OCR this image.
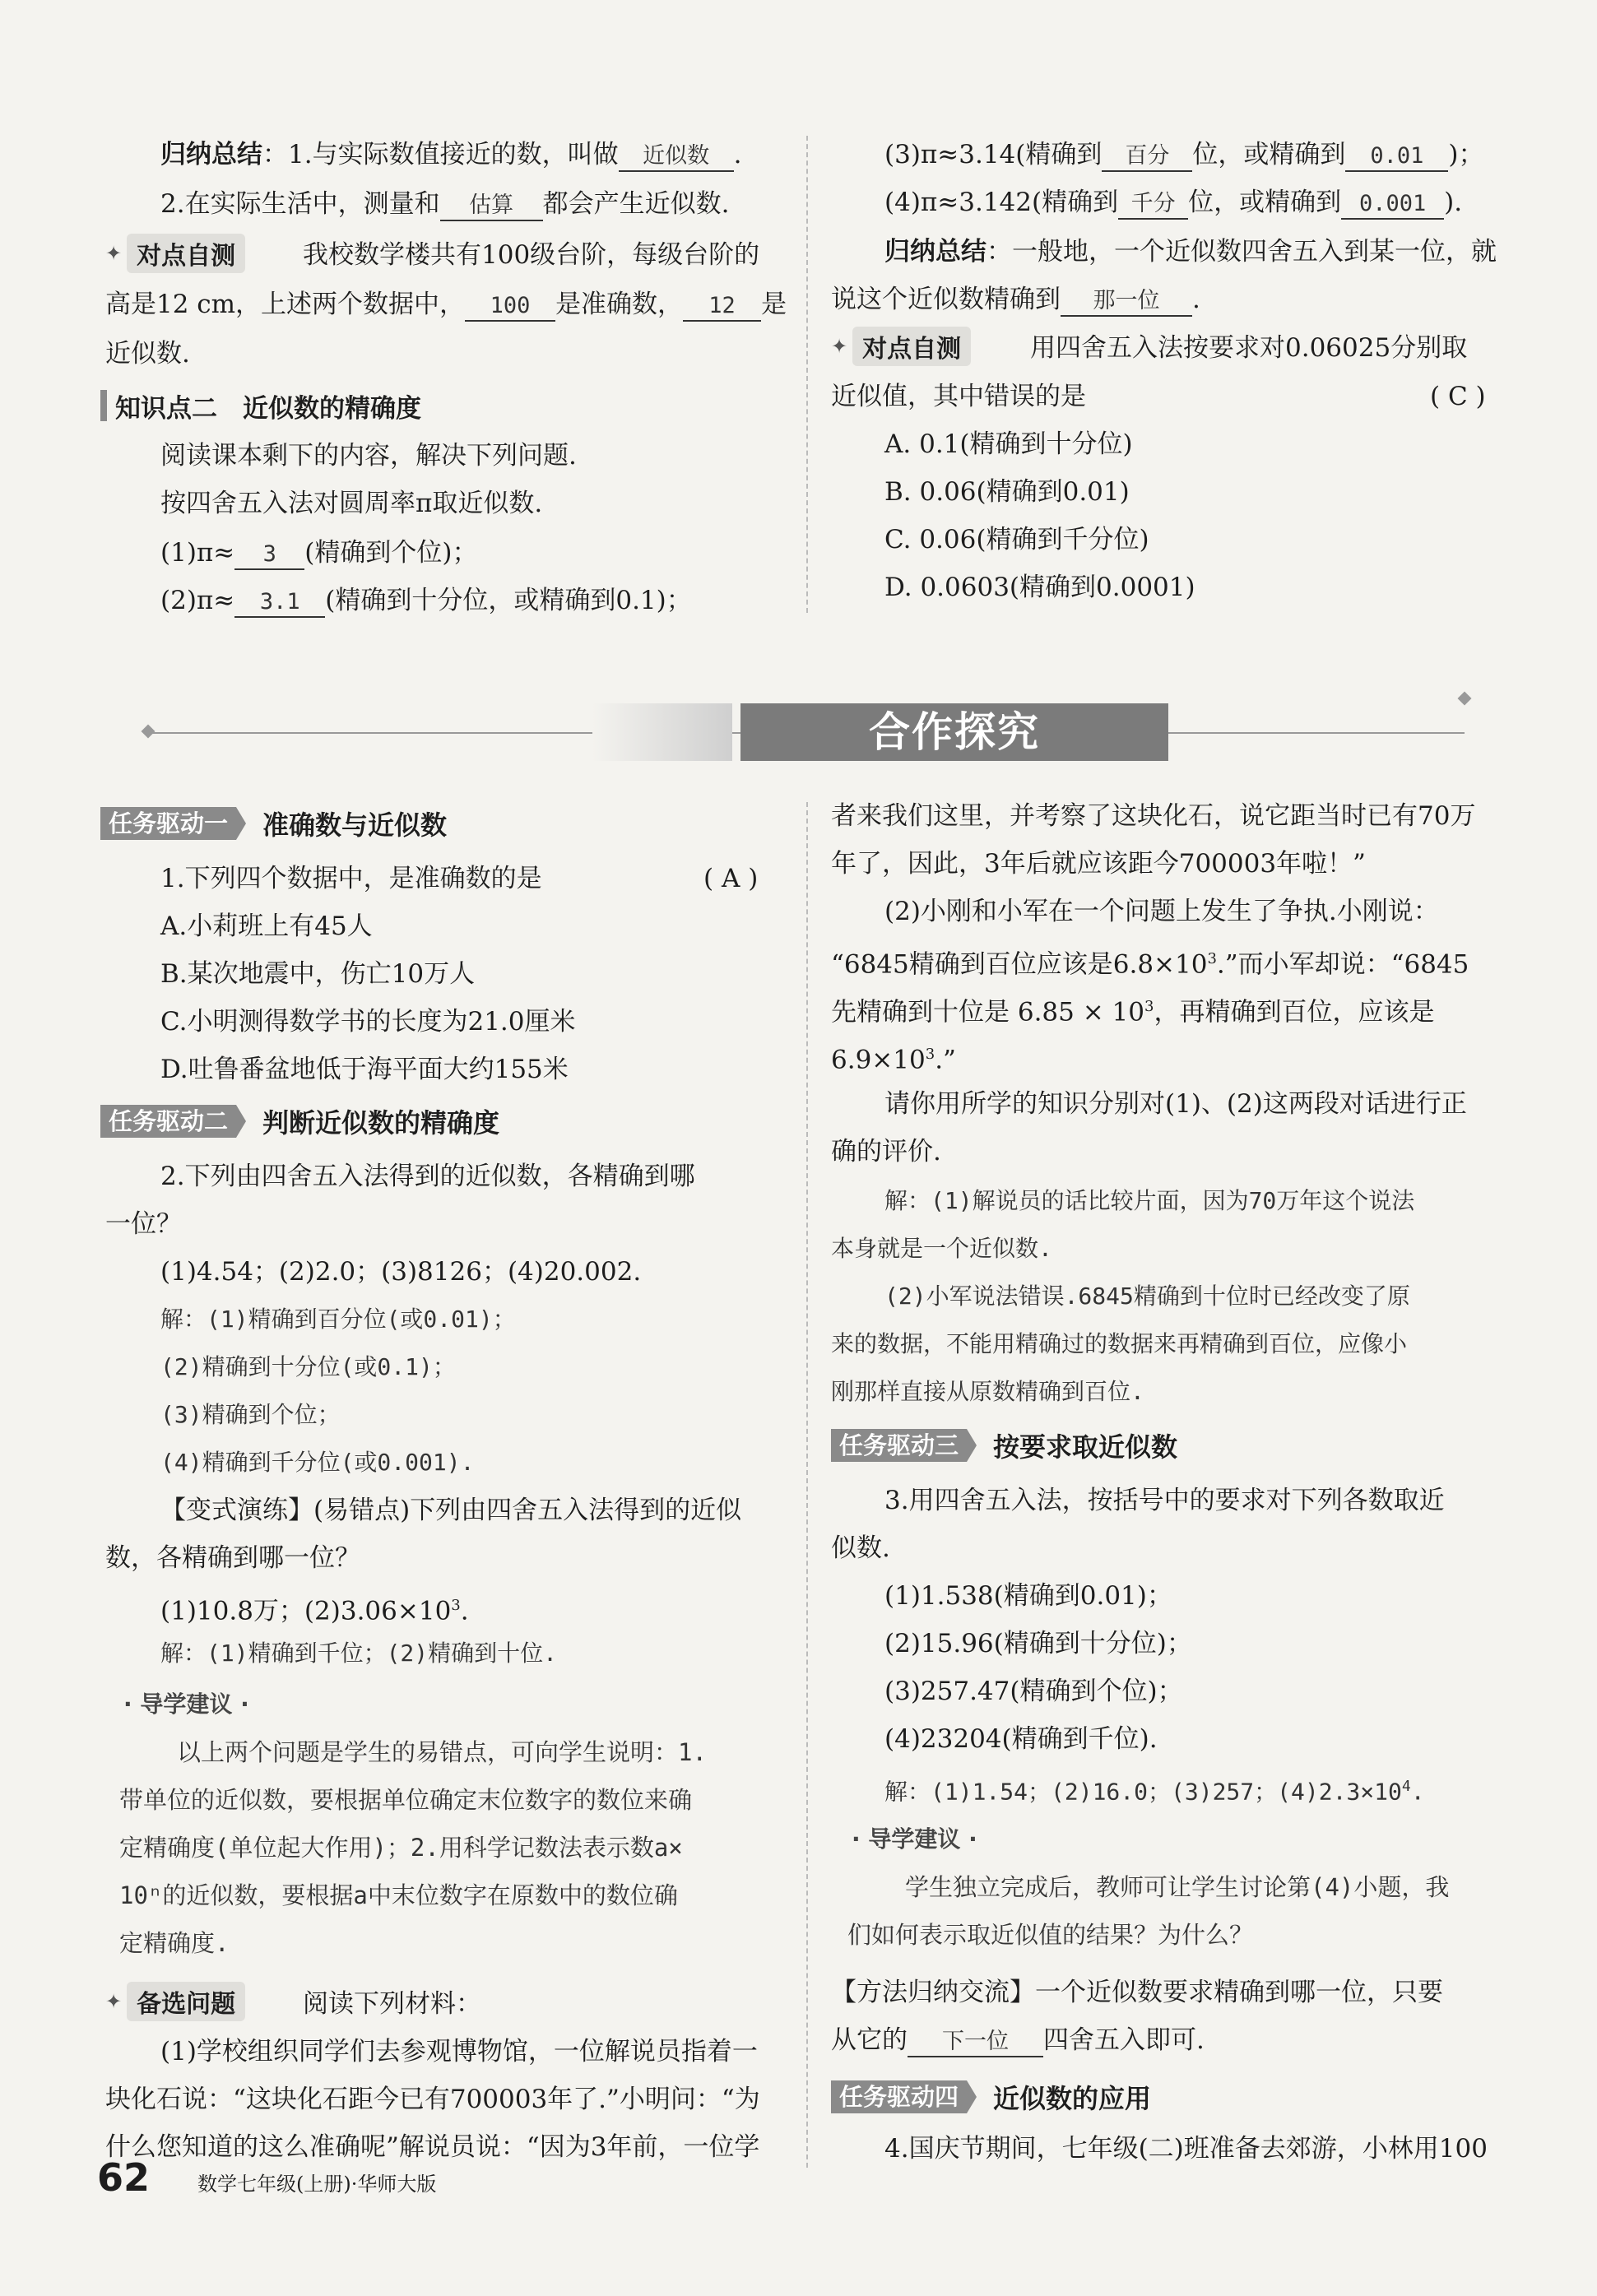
归纳总结：1.与实际数值接近的数，叫做 近似数 .
2.在实际生活中，测量和 估算 都会产生近似数.
✦ 对点自测	我校数学楼共有100级台阶，每级台阶的
高是12 cm，上述两个数据中， 100 是准确数， 12 是
近似数.
知识点二　近似数的精确度
阅读课本剩下的内容，解决下列问题.
按四舍五入法对圆周率π取近似数.
(1)π≈ 3 (精确到个位)；
(2)π≈ 3.1 (精确到十分位，或精确到0.1)；
(3)π≈3.14(精确到 百分 位，或精确到 0.01 )；
(4)π≈3.142(精确到 千分 位，或精确到 0.001 ).
归纳总结：一般地，一个近似数四舍五入到某一位，就
说这个近似数精确到 那一位 .
✦ 对点自测	用四舍五入法按要求对0.06025分别取
近似值，其中错误的是	( C )
A. 0.1(精确到十分位)
B. 0.06(精确到0.01)
C. 0.06(精确到千分位)
D. 0.0603(精确到0.0001)
合作探究
任务驱动一	准确数与近似数
1.下列四个数据中，是准确数的是	( A )
A.小莉班上有45人
B.某次地震中，伤亡10万人
C.小明测得数学书的长度为21.0厘米
D.吐鲁番盆地低于海平面大约155米
任务驱动二	判断近似数的精确度
2.下列由四舍五入法得到的近似数，各精确到哪
一位？
(1)4.54；(2)2.0；(3)8126；(4)20.002.
解：(1)精确到百分位(或0.01)；
(2)精确到十分位(或0.1)；
(3)精确到个位；
(4)精确到千分位(或0.001).
【变式演练】(易错点)下列由四舍五入法得到的近似
数，各精确到哪一位？
(1)10.8万；$(2)3.06\times 10^3$.
解：(1)精确到千位；(2)精确到十位.
· 导学建议 ·
以上两个问题是学生的易错点，可向学生说明：1.
带单位的近似数，要根据单位确定末位数字的数位来确
定精确度(单位起大作用)；2.用科学记数法表示数a×
10ⁿ的近似数，要根据a中末位数字在原数中的数位确
定精确度.
✦ 备选问题	阅读下列材料：
(1)学校组织同学们去参观博物馆，一位解说员指着一
块化石说：“这块化石距今已有700003年了.”小明问：“为
什么您知道的这么准确呢”解说员说：“因为3年前，一位学
者来我们这里，并考察了这块化石，说它距当时已有70万
年了，因此，3年后就应该距今700003年啦！”
(2)小刚和小军在一个问题上发生了争执.小刚说：
“6845精确到百位应该是$6.8\times 10^3$.”而小军却说：“6845
先精确到十位是 $6.85 \times 10^3$，再精确到百位，应该是
$6.9\times 10^3$.”
请你用所学的知识分别对(1)、(2)这两段对话进行正
确的评价.
解：(1)解说员的话比较片面，因为70万年这个说法
本身就是一个近似数.
(2)小军说法错误.6845精确到十位时已经改变了原
来的数据，不能用精确过的数据来再精确到百位，应像小
刚那样直接从原数精确到百位.
任务驱动三	按要求取近似数
3.用四舍五入法，按括号中的要求对下列各数取近
似数.
(1)1.538(精确到0.01)；
(2)15.96(精确到十分位)；
(3)257.47(精确到个位)；
(4)23204(精确到千位).
解：(1)1.54；(2)16.0；(3)257；$(4)2.3\times 10^4$.
· 导学建议 ·
学生独立完成后，教师可让学生讨论第(4)小题，我
们如何表示取近似值的结果？为什么？
【方法归纳交流】一个近似数要求精确到哪一位，只要
从它的 下一位 四舍五入即可.
任务驱动四	近似数的应用
4.国庆节期间，七年级(二)班准备去郊游，小林用100
62 数学七年级(上册)·华师大版
